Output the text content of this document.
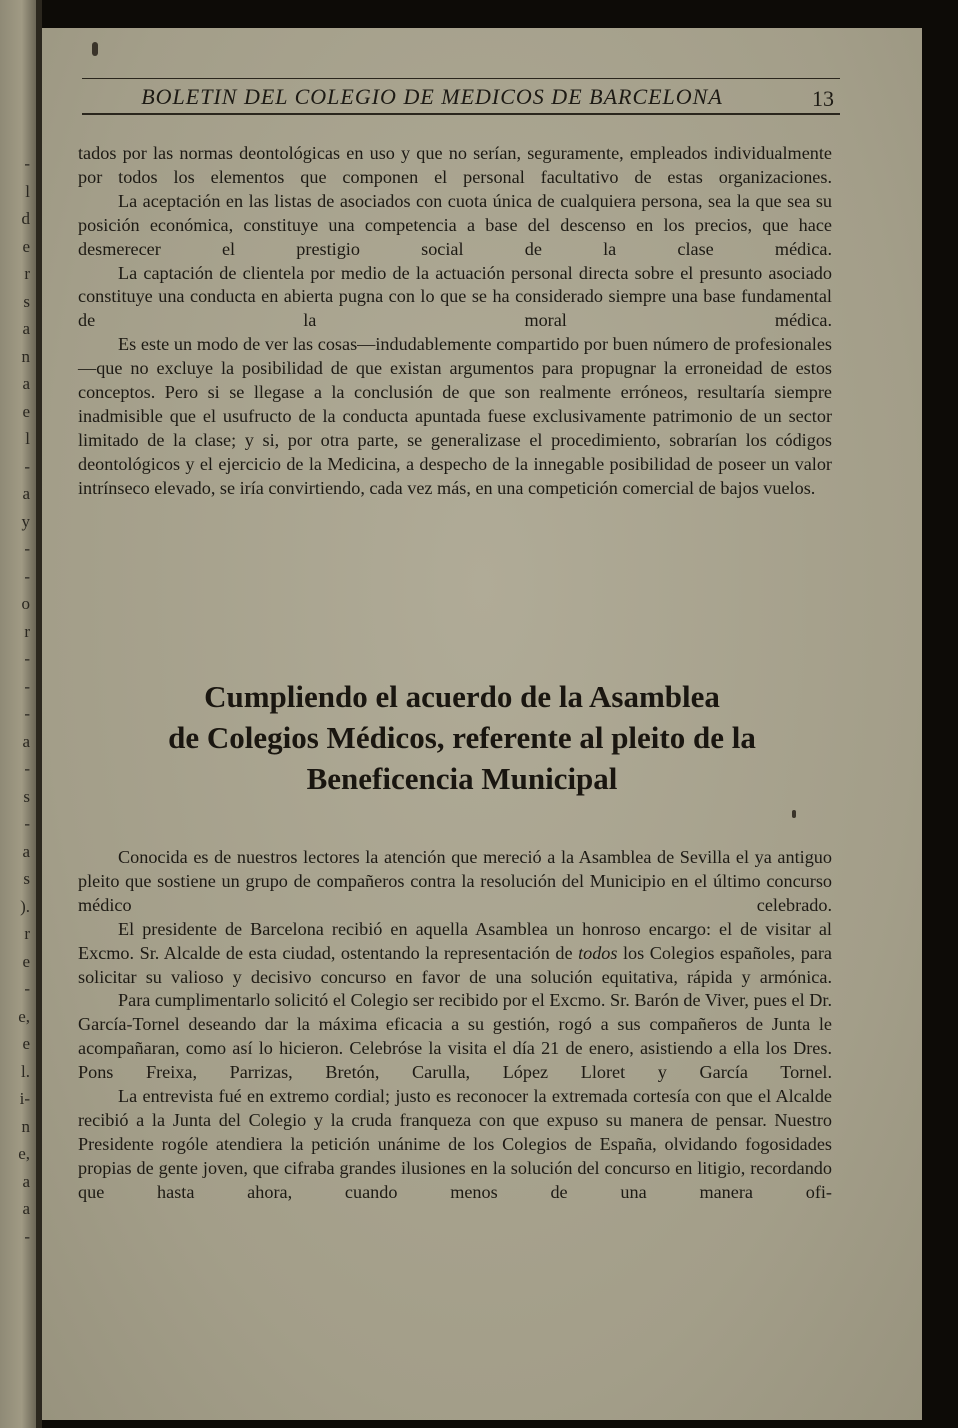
-
l
d
e
r
s
a
n
a
e
l
-
a
y
-
-
o
r
-
-
-
a
-
s
-
a
s
).
r
e
-
e,
e
l.
i-
n
e,
a
a
-
BOLETIN DEL COLEGIO DE MEDICOS DE BARCELONA	13

tados por las normas deontológicas en uso y que no serían, seguramente, empleados individualmente por todos los elementos que componen el personal facultativo de estas organizaciones.

La aceptación en las listas de asociados con cuota única de cualquiera persona, sea la que sea su posición económica, constituye una competencia a base del descenso en los precios, que hace desmerecer el prestigio social de la clase médica.

La captación de clientela por medio de la actuación personal directa sobre el presunto asociado constituye una conducta en abierta pugna con lo que se ha considerado siempre una base fundamental de la moral médica.

Es este un modo de ver las cosas—indudablemente compartido por buen número de profesionales—que no excluye la posibilidad de que existan argumentos para propugnar la erroneidad de estos conceptos. Pero si se llegase a la conclusión de que son realmente erróneos, resultaría siempre inadmisible que el usufructo de la conducta apuntada fuese exclusivamente patrimonio de un sector limitado de la clase; y si, por otra parte, se generalizase el procedimiento, sobrarían los códigos deontológicos y el ejercicio de la Medicina, a despecho de la innegable posibilidad de poseer un valor intrínseco elevado, se iría convirtiendo, cada vez más, en una competición comercial de bajos vuelos.

Cumpliendo el acuerdo de la Asamblea
de Colegios Médicos, referente al pleito de la
Beneficencia Municipal

Conocida es de nuestros lectores la atención que mereció a la Asamblea de Sevilla el ya antiguo pleito que sostiene un grupo de compañeros contra la resolución del Municipio en el último concurso médico celebrado.

El presidente de Barcelona recibió en aquella Asamblea un honroso encargo: el de visitar al Excmo. Sr. Alcalde de esta ciudad, ostentando la representación de todos los Colegios españoles, para solicitar su valioso y decisivo concurso en favor de una solución equitativa, rápida y armónica.

Para cumplimentarlo solicitó el Colegio ser recibido por el Excmo. Sr. Barón de Viver, pues el Dr. García-Tornel deseando dar la máxima eficacia a su gestión, rogó a sus compañeros de Junta le acompañaran, como así lo hicieron. Celebróse la visita el día 21 de enero, asistiendo a ella los Dres. Pons Freixa, Parrizas, Bretón, Carulla, López Lloret y García Tornel.

La entrevista fué en extremo cordial; justo es reconocer la extremada cortesía con que el Alcalde recibió a la Junta del Colegio y la cruda franqueza con que expuso su manera de pensar. Nuestro Presidente rogóle atendiera la petición unánime de los Colegios de España, olvidando fogosidades propias de gente joven, que cifraba grandes ilusiones en la solución del concurso en litigio, recordando que hasta ahora, cuando menos de una manera ofi-
